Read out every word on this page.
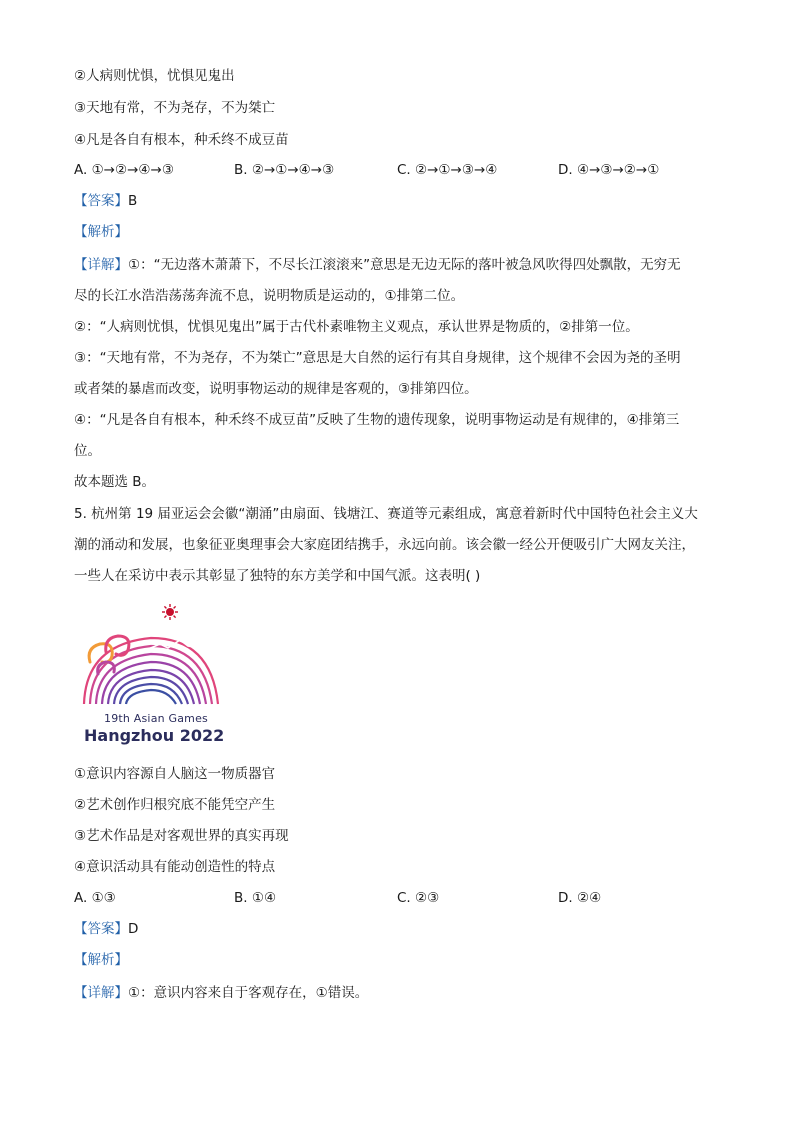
②人病则忧惧，忧惧见鬼出
③天地有常，不为尧存，不为桀亡
④凡是各自有根本，种禾终不成豆苗
A. ①→②→④→③	B. ②→①→④→③	C. ②→①→③→④	D. ④→③→②→①
【答案】B
【解析】
【详解】①：“无边落木萧萧下，不尽长江滚滚来”意思是无边无际的落叶被急风吹得四处飘散，无穷无
尽的长江水浩浩荡荡奔流不息，说明物质是运动的，①排第二位。
②：“人病则忧惧，忧惧见鬼出”属于古代朴素唯物主义观点，承认世界是物质的，②排第一位。
③：“天地有常，不为尧存，不为桀亡”意思是大自然的运行有其自身规律，这个规律不会因为尧的圣明
或者桀的暴虐而改变，说明事物运动的规律是客观的，③排第四位。
④：“凡是各自有根本，种禾终不成豆苗”反映了生物的遗传现象，说明事物运动是有规律的，④排第三
位。
故本题选 B。
5. 杭州第 19 届亚运会会徽“潮涌”由扇面、钱塘江、赛道等元素组成，寓意着新时代中国特色社会主义大
潮的涌动和发展，也象征亚奥理事会大家庭团结携手，永远向前。该会徽一经公开便吸引广大网友关注，
一些人在采访中表示其彰显了独特的东方美学和中国气派。这表明( )
19th Asian Games
Hangzhou 2022
①意识内容源自人脑这一物质器官
②艺术创作归根究底不能凭空产生
③艺术作品是对客观世界的真实再现
④意识活动具有能动创造性的特点
A. ①③	B. ①④	C. ②③	D. ②④
【答案】D
【解析】
【详解】①：意识内容来自于客观存在，①错误。
